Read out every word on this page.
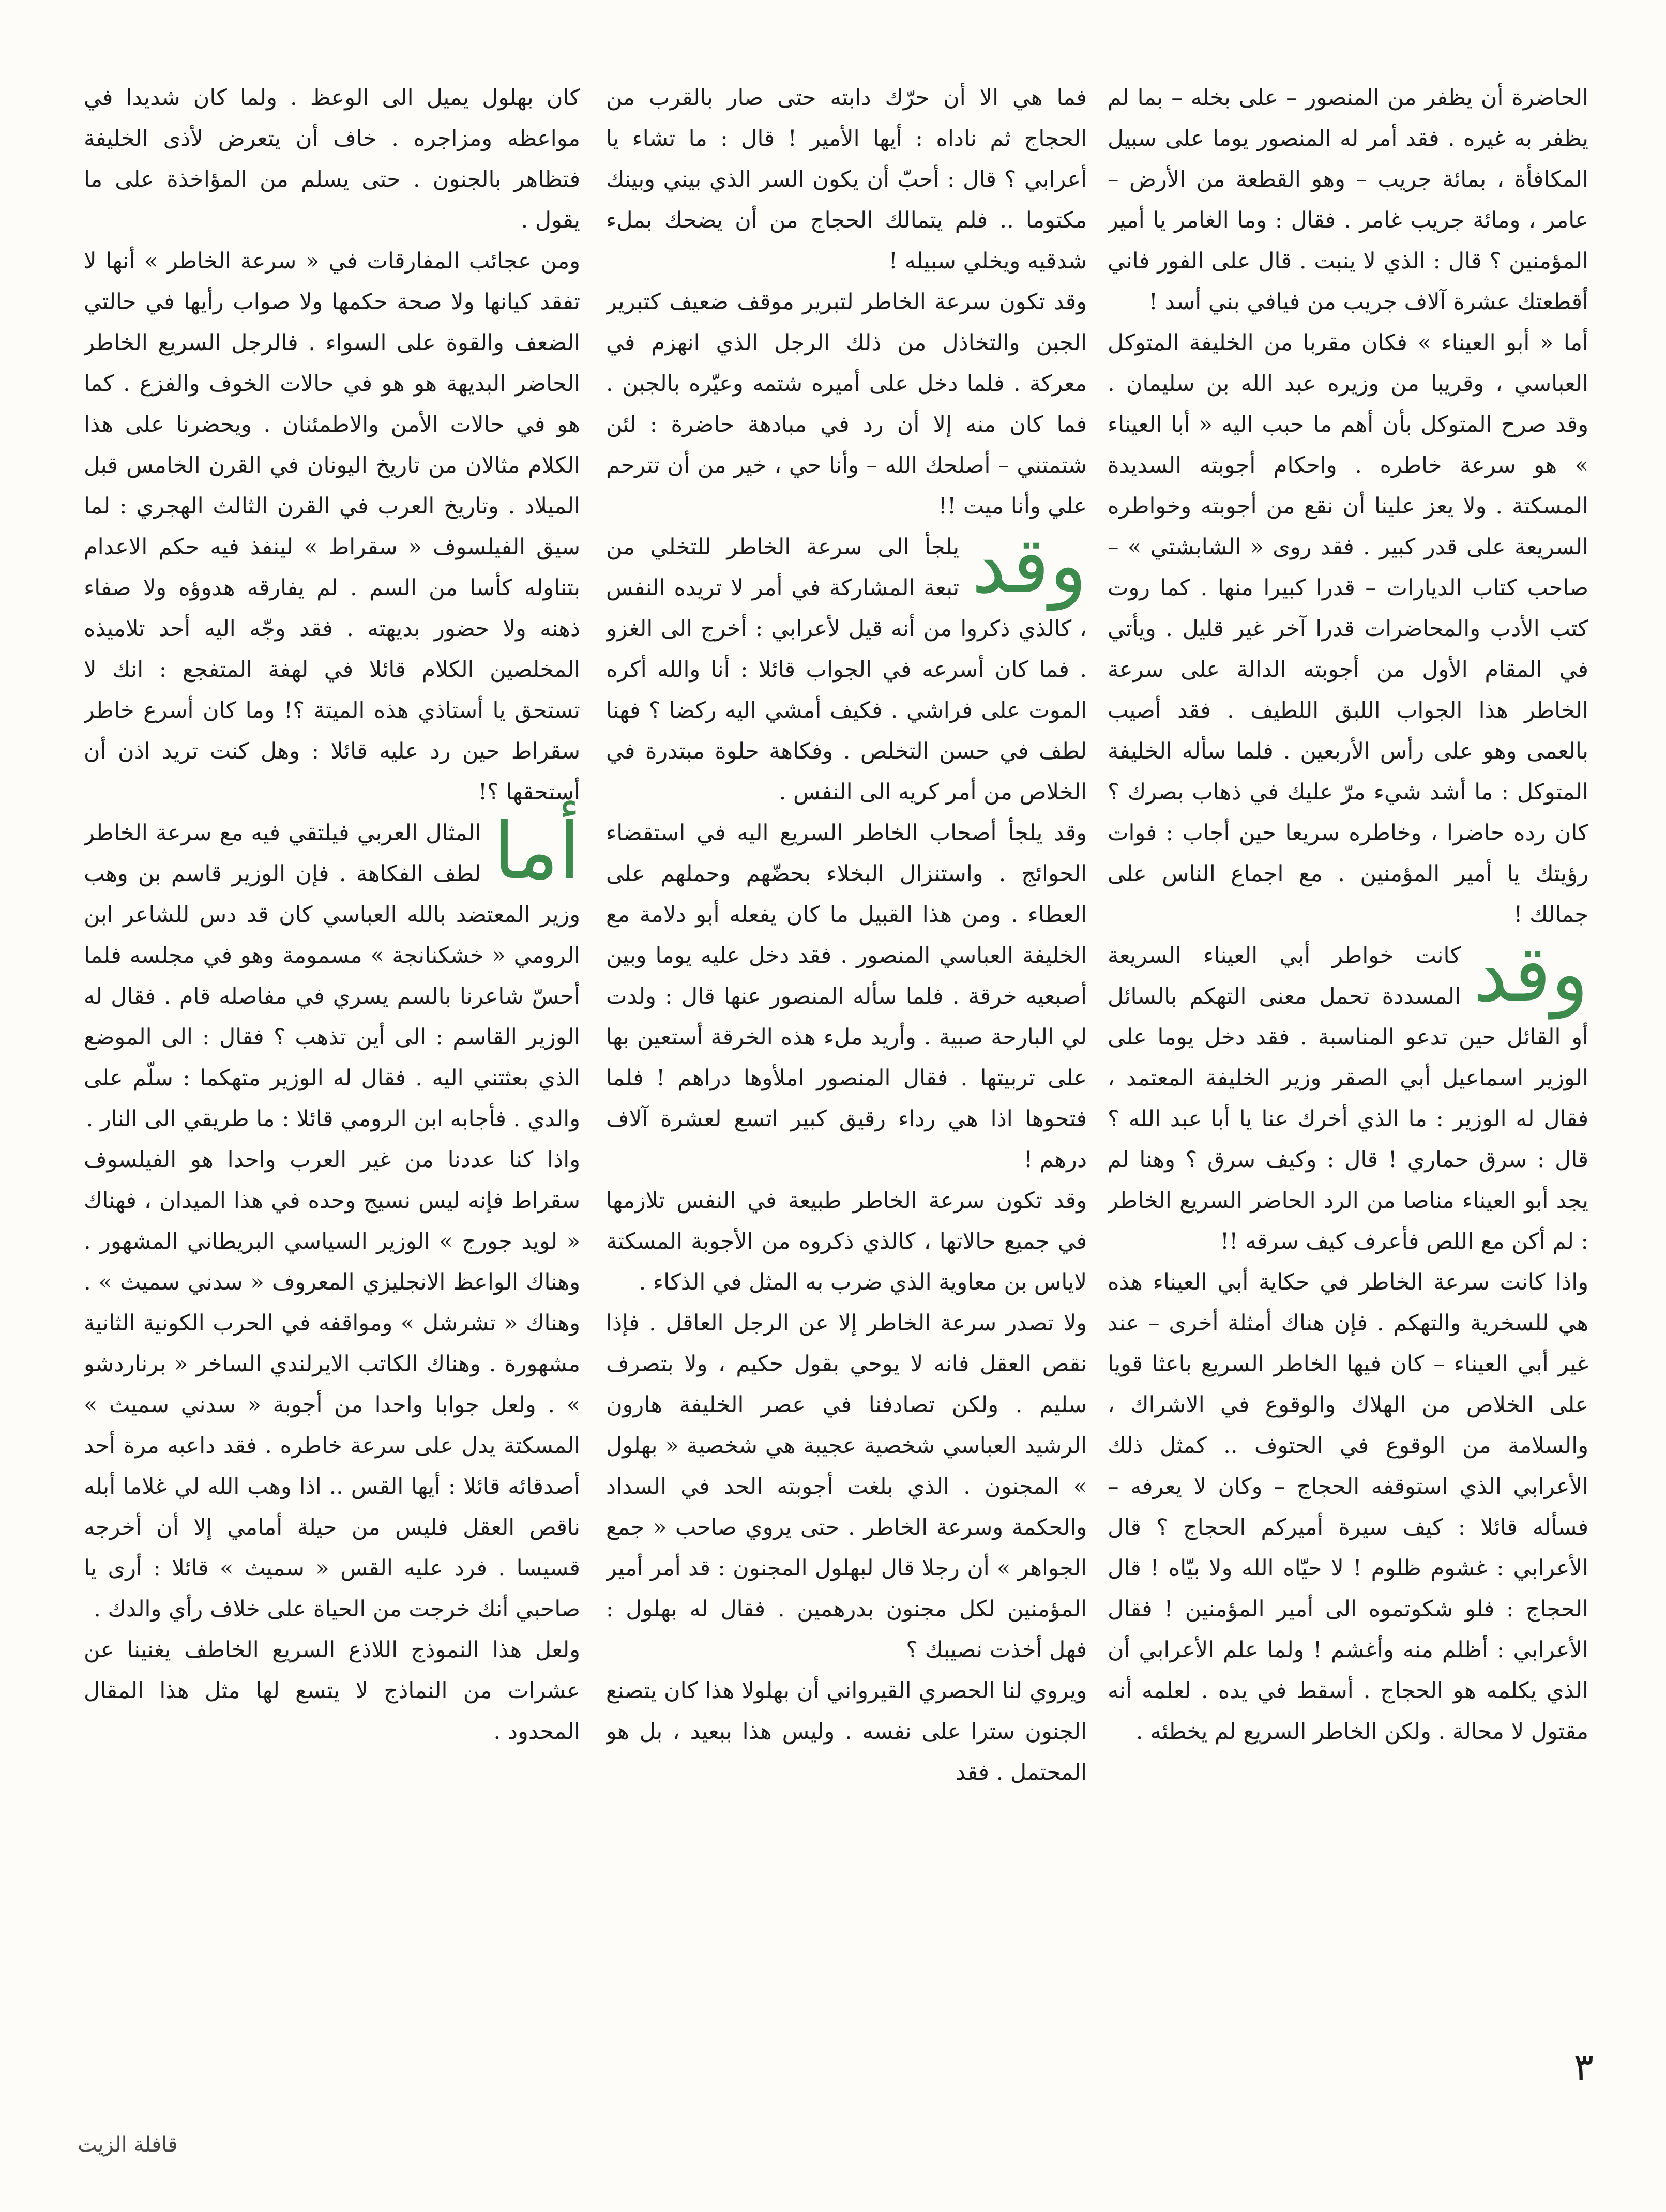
الحاضرة أن يظفر من المنصور – على بخله – بما لم يظفر به غيره . فقد أمر له المنصور يوما على سبيل المكافأة ، بمائة جريب – وهو القطعة من الأرض – عامر ، ومائة جريب غامر . فقال : وما الغامر يا أمير المؤمنين ؟ قال : الذي لا ينبت . قال على الفور فاني أقطعتك عشرة آلاف جريب من فيافي بني أسد !

أما « أبو العيناء » فكان مقربا من الخليفة المتوكل العباسي ، وقريبا من وزيره عبد الله بن سليمان . وقد صرح المتوكل بأن أهم ما حبب اليه « أبا العيناء » هو سرعة خاطره . واحكام أجوبته السديدة المسكتة . ولا يعز علينا أن نقع من أجوبته وخواطره السريعة على قدر كبير . فقد روى « الشابشتي » – صاحب كتاب الديارات – قدرا كبيرا منها . كما روت كتب الأدب والمحاضرات قدرا آخر غير قليل . ويأتي في المقام الأول من أجوبته الدالة على سرعة الخاطر هذا الجواب اللبق اللطيف . فقد أصيب بالعمى وهو على رأس الأربعين . فلما سأله الخليفة المتوكل : ما أشد شيء مرّ عليك في ذهاب بصرك ؟ كان رده حاضرا ، وخاطره سريعا حين أجاب : فوات رؤيتك يا أمير المؤمنين . مع اجماع الناس على جمالك !

وقد
كانت خواطر أبي العيناء السريعة المسددة تحمل معنى التهكم بالسائل أو القائل حين تدعو المناسبة . فقد دخل يوما على الوزير اسماعيل أبي الصقر وزير الخليفة المعتمد ، فقال له الوزير : ما الذي أخرك عنا يا أبا عبد الله ؟ قال : سرق حماري ! قال : وكيف سرق ؟ وهنا لم يجد أبو العيناء مناصا من الرد الحاضر السريع الخاطر : لم أكن مع اللص فأعرف كيف سرقه !!

واذا كانت سرعة الخاطر في حكاية أبي العيناء هذه هي للسخرية والتهكم . فإن هناك أمثلة أخرى – عند غير أبي العيناء – كان فيها الخاطر السريع باعثا قويا على الخلاص من الهلاك والوقوع في الاشراك ، والسلامة من الوقوع في الحتوف .. كمثل ذلك الأعرابي الذي استوقفه الحجاج – وكان لا يعرفه – فسأله قائلا : كيف سيرة أميركم الحجاج ؟ قال الأعرابي : غشوم ظلوم ! لا حيّاه الله ولا بيّاه ! قال الحجاج : فلو شكوتموه الى أمير المؤمنين ! فقال الأعرابي : أظلم منه وأغشم ! ولما علم الأعرابي أن الذي يكلمه هو الحجاج . أسقط في يده . لعلمه أنه مقتول لا محالة . ولكن الخاطر السريع لم يخطئه .

فما هي الا أن حرّك دابته حتى صار بالقرب من الحجاج ثم ناداه : أيها الأمير ! قال : ما تشاء يا أعرابي ؟ قال : أحبّ أن يكون السر الذي بيني وبينك مكتوما .. فلم يتمالك الحجاج من أن يضحك بملء شدقيه ويخلي سبيله !

وقد تكون سرعة الخاطر لتبرير موقف ضعيف كتبرير الجبن والتخاذل من ذلك الرجل الذي انهزم في معركة . فلما دخل على أميره شتمه وعيّره بالجبن . فما كان منه إلا أن رد في مبادهة حاضرة : لئن شتمتني – أصلحك الله – وأنا حي ، خير من أن تترحم علي وأنا ميت !!

وقد
يلجأ الى سرعة الخاطر للتخلي من تبعة المشاركة في أمر لا تريده النفس ، كالذي ذكروا من أنه قيل لأعرابي : أخرج الى الغزو . فما كان أسرعه في الجواب قائلا : أنا والله أكره الموت على فراشي . فكيف أمشي اليه ركضا ؟ فهنا لطف في حسن التخلص . وفكاهة حلوة مبتدرة في الخلاص من أمر كريه الى النفس .

وقد يلجأ أصحاب الخاطر السريع اليه في استقضاء الحوائج . واستنزال البخلاء بحضّهم وحملهم على العطاء . ومن هذا القبيل ما كان يفعله أبو دلامة مع الخليفة العباسي المنصور . فقد دخل عليه يوما وبين أصبعيه خرقة . فلما سأله المنصور عنها قال : ولدت لي البارحة صبية . وأريد ملء هذه الخرقة أستعين بها على تربيتها . فقال المنصور املأوها دراهم ! فلما فتحوها اذا هي رداء رقيق كبير اتسع لعشرة آلاف درهم !

وقد تكون سرعة الخاطر طبيعة في النفس تلازمها في جميع حالاتها ، كالذي ذكروه من الأجوبة المسكتة لاياس بن معاوية الذي ضرب به المثل في الذكاء .

ولا تصدر سرعة الخاطر إلا عن الرجل العاقل . فإذا نقص العقل فانه لا يوحي بقول حكيم ، ولا بتصرف سليم . ولكن تصادفنا في عصر الخليفة هارون الرشيد العباسي شخصية عجيبة هي شخصية « بهلول » المجنون . الذي بلغت أجوبته الحد في السداد والحكمة وسرعة الخاطر . حتى يروي صاحب « جمع الجواهر » أن رجلا قال لبهلول المجنون : قد أمر أمير المؤمنين لكل مجنون بدرهمين . فقال له بهلول : فهل أخذت نصيبك ؟

ويروي لنا الحصري القيرواني أن بهلولا هذا كان يتصنع الجنون سترا على نفسه . وليس هذا ببعيد ، بل هو المحتمل . فقد

كان بهلول يميل الى الوعظ . ولما كان شديدا في مواعظه ومزاجره . خاف أن يتعرض لأذى الخليفة فتظاهر بالجنون . حتى يسلم من المؤاخذة على ما يقول .

ومن عجائب المفارقات في « سرعة الخاطر » أنها لا تفقد كيانها ولا صحة حكمها ولا صواب رأيها في حالتي الضعف والقوة على السواء . فالرجل السريع الخاطر الحاضر البديهة هو هو في حالات الخوف والفزع . كما هو في حالات الأمن والاطمئنان . ويحضرنا على هذا الكلام مثالان من تاريخ اليونان في القرن الخامس قبل الميلاد . وتاريخ العرب في القرن الثالث الهجري : لما سيق الفيلسوف « سقراط » لينفذ فيه حكم الاعدام بتناوله كأسا من السم . لم يفارقه هدوؤه ولا صفاء ذهنه ولا حضور بديهته . فقد وجّه اليه أحد تلاميذه المخلصين الكلام قائلا في لهفة المتفجع : انك لا تستحق يا أستاذي هذه الميتة ؟! وما كان أسرع خاطر سقراط حين رد عليه قائلا : وهل كنت تريد اذن أن أستحقها ؟!

أما
المثال العربي فيلتقي فيه مع سرعة الخاطر لطف الفكاهة . فإن الوزير قاسم بن وهب وزير المعتضد بالله العباسي كان قد دس للشاعر ابن الرومي « خشكنانجة » مسمومة وهو في مجلسه فلما أحسّ شاعرنا بالسم يسري في مفاصله قام . فقال له الوزير القاسم : الى أين تذهب ؟ فقال : الى الموضع الذي بعثتني اليه . فقال له الوزير متهكما : سلّم على والدي . فأجابه ابن الرومي قائلا : ما طريقي الى النار .

واذا كنا عددنا من غير العرب واحدا هو الفيلسوف سقراط فإنه ليس نسيج وحده في هذا الميدان ، فهناك « لويد جورج » الوزير السياسي البريطاني المشهور . وهناك الواعظ الانجليزي المعروف « سدني سميث » . وهناك « تشرشل » ومواقفه في الحرب الكونية الثانية مشهورة . وهناك الكاتب الايرلندي الساخر « برناردشو » . ولعل جوابا واحدا من أجوبة « سدني سميث » المسكتة يدل على سرعة خاطره . فقد داعبه مرة أحد أصدقائه قائلا : أيها القس .. اذا وهب الله لي غلاما أبله ناقص العقل فليس من حيلة أمامي إلا أن أخرجه قسيسا . فرد عليه القس « سميث » قائلا : أرى يا صاحبي أنك خرجت من الحياة على خلاف رأي والدك .

ولعل هذا النموذج اللاذع السريع الخاطف يغنينا عن عشرات من النماذج لا يتسع لها مثل هذا المقال المحدود .

٣
قافلة الزيت
